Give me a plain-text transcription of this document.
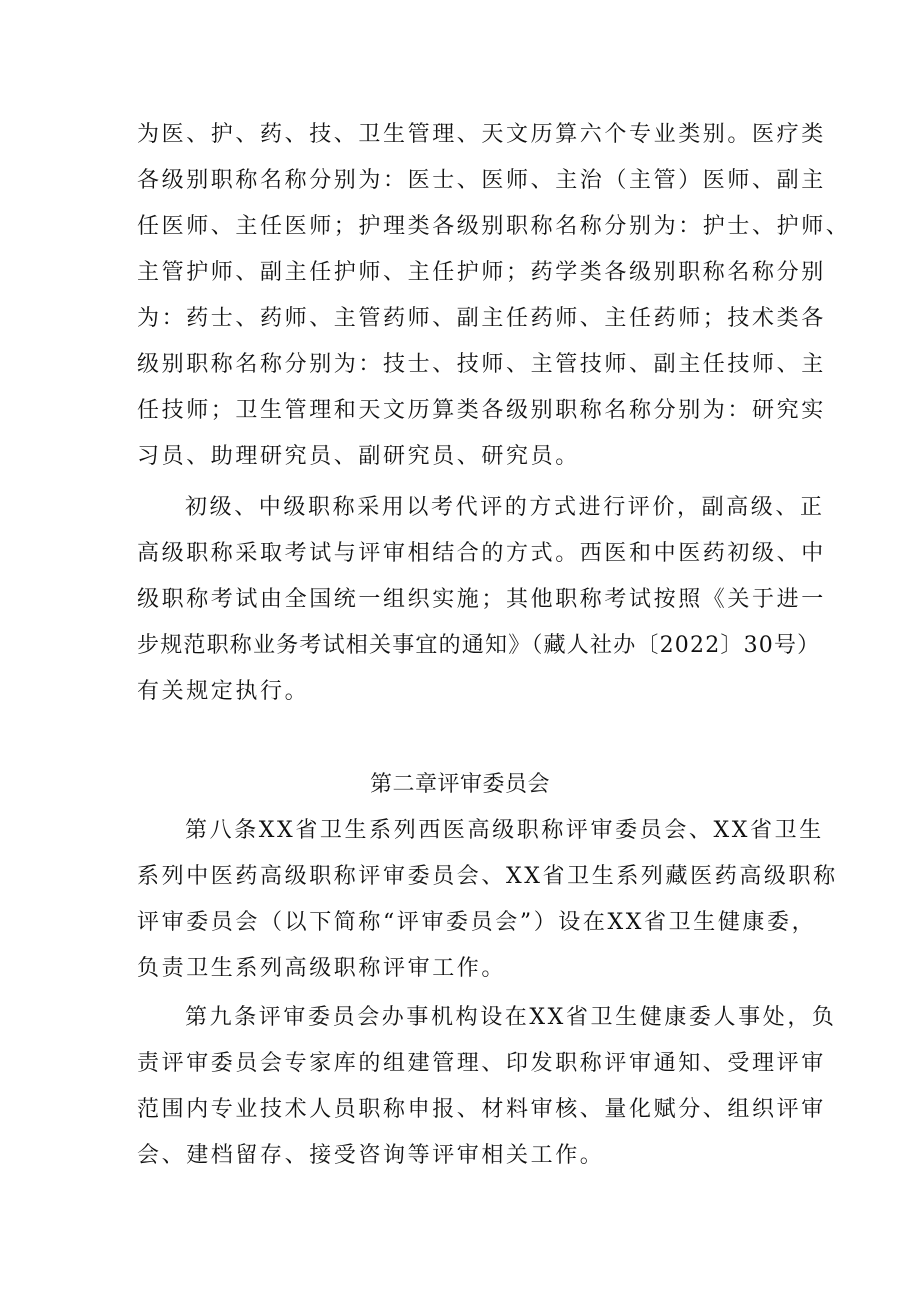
为医、护、药、技、卫生管理、天文历算六个专业类别。医疗类
各级别职称名称分别为：医士、医师、主治（主管）医师、副主
任医师、主任医师；护理类各级别职称名称分别为：护士、护师、
主管护师、副主任护师、主任护师；药学类各级别职称名称分别
为：药士、药师、主管药师、副主任药师、主任药师；技术类各
级别职称名称分别为：技士、技师、主管技师、副主任技师、主
任技师；卫生管理和天文历算类各级别职称名称分别为：研究实
习员、助理研究员、副研究员、研究员。
初级、中级职称采用以考代评的方式进行评价，副高级、正
高级职称采取考试与评审相结合的方式。西医和中医药初级、中
级职称考试由全国统一组织实施；其他职称考试按照《关于进一
步规范职称业务考试相关事宜的通知》（藏人社办〔2022〕30号）
有关规定执行。
第二章评审委员会
第八条XX省卫生系列西医高级职称评审委员会、XX省卫生
系列中医药高级职称评审委员会、XX省卫生系列藏医药高级职称
评审委员会（以下简称“评审委员会”）设在XX省卫生健康委，
负责卫生系列高级职称评审工作。
第九条评审委员会办事机构设在XX省卫生健康委人事处，负
责评审委员会专家库的组建管理、印发职称评审通知、受理评审
范围内专业技术人员职称申报、材料审核、量化赋分、组织评审
会、建档留存、接受咨询等评审相关工作。
